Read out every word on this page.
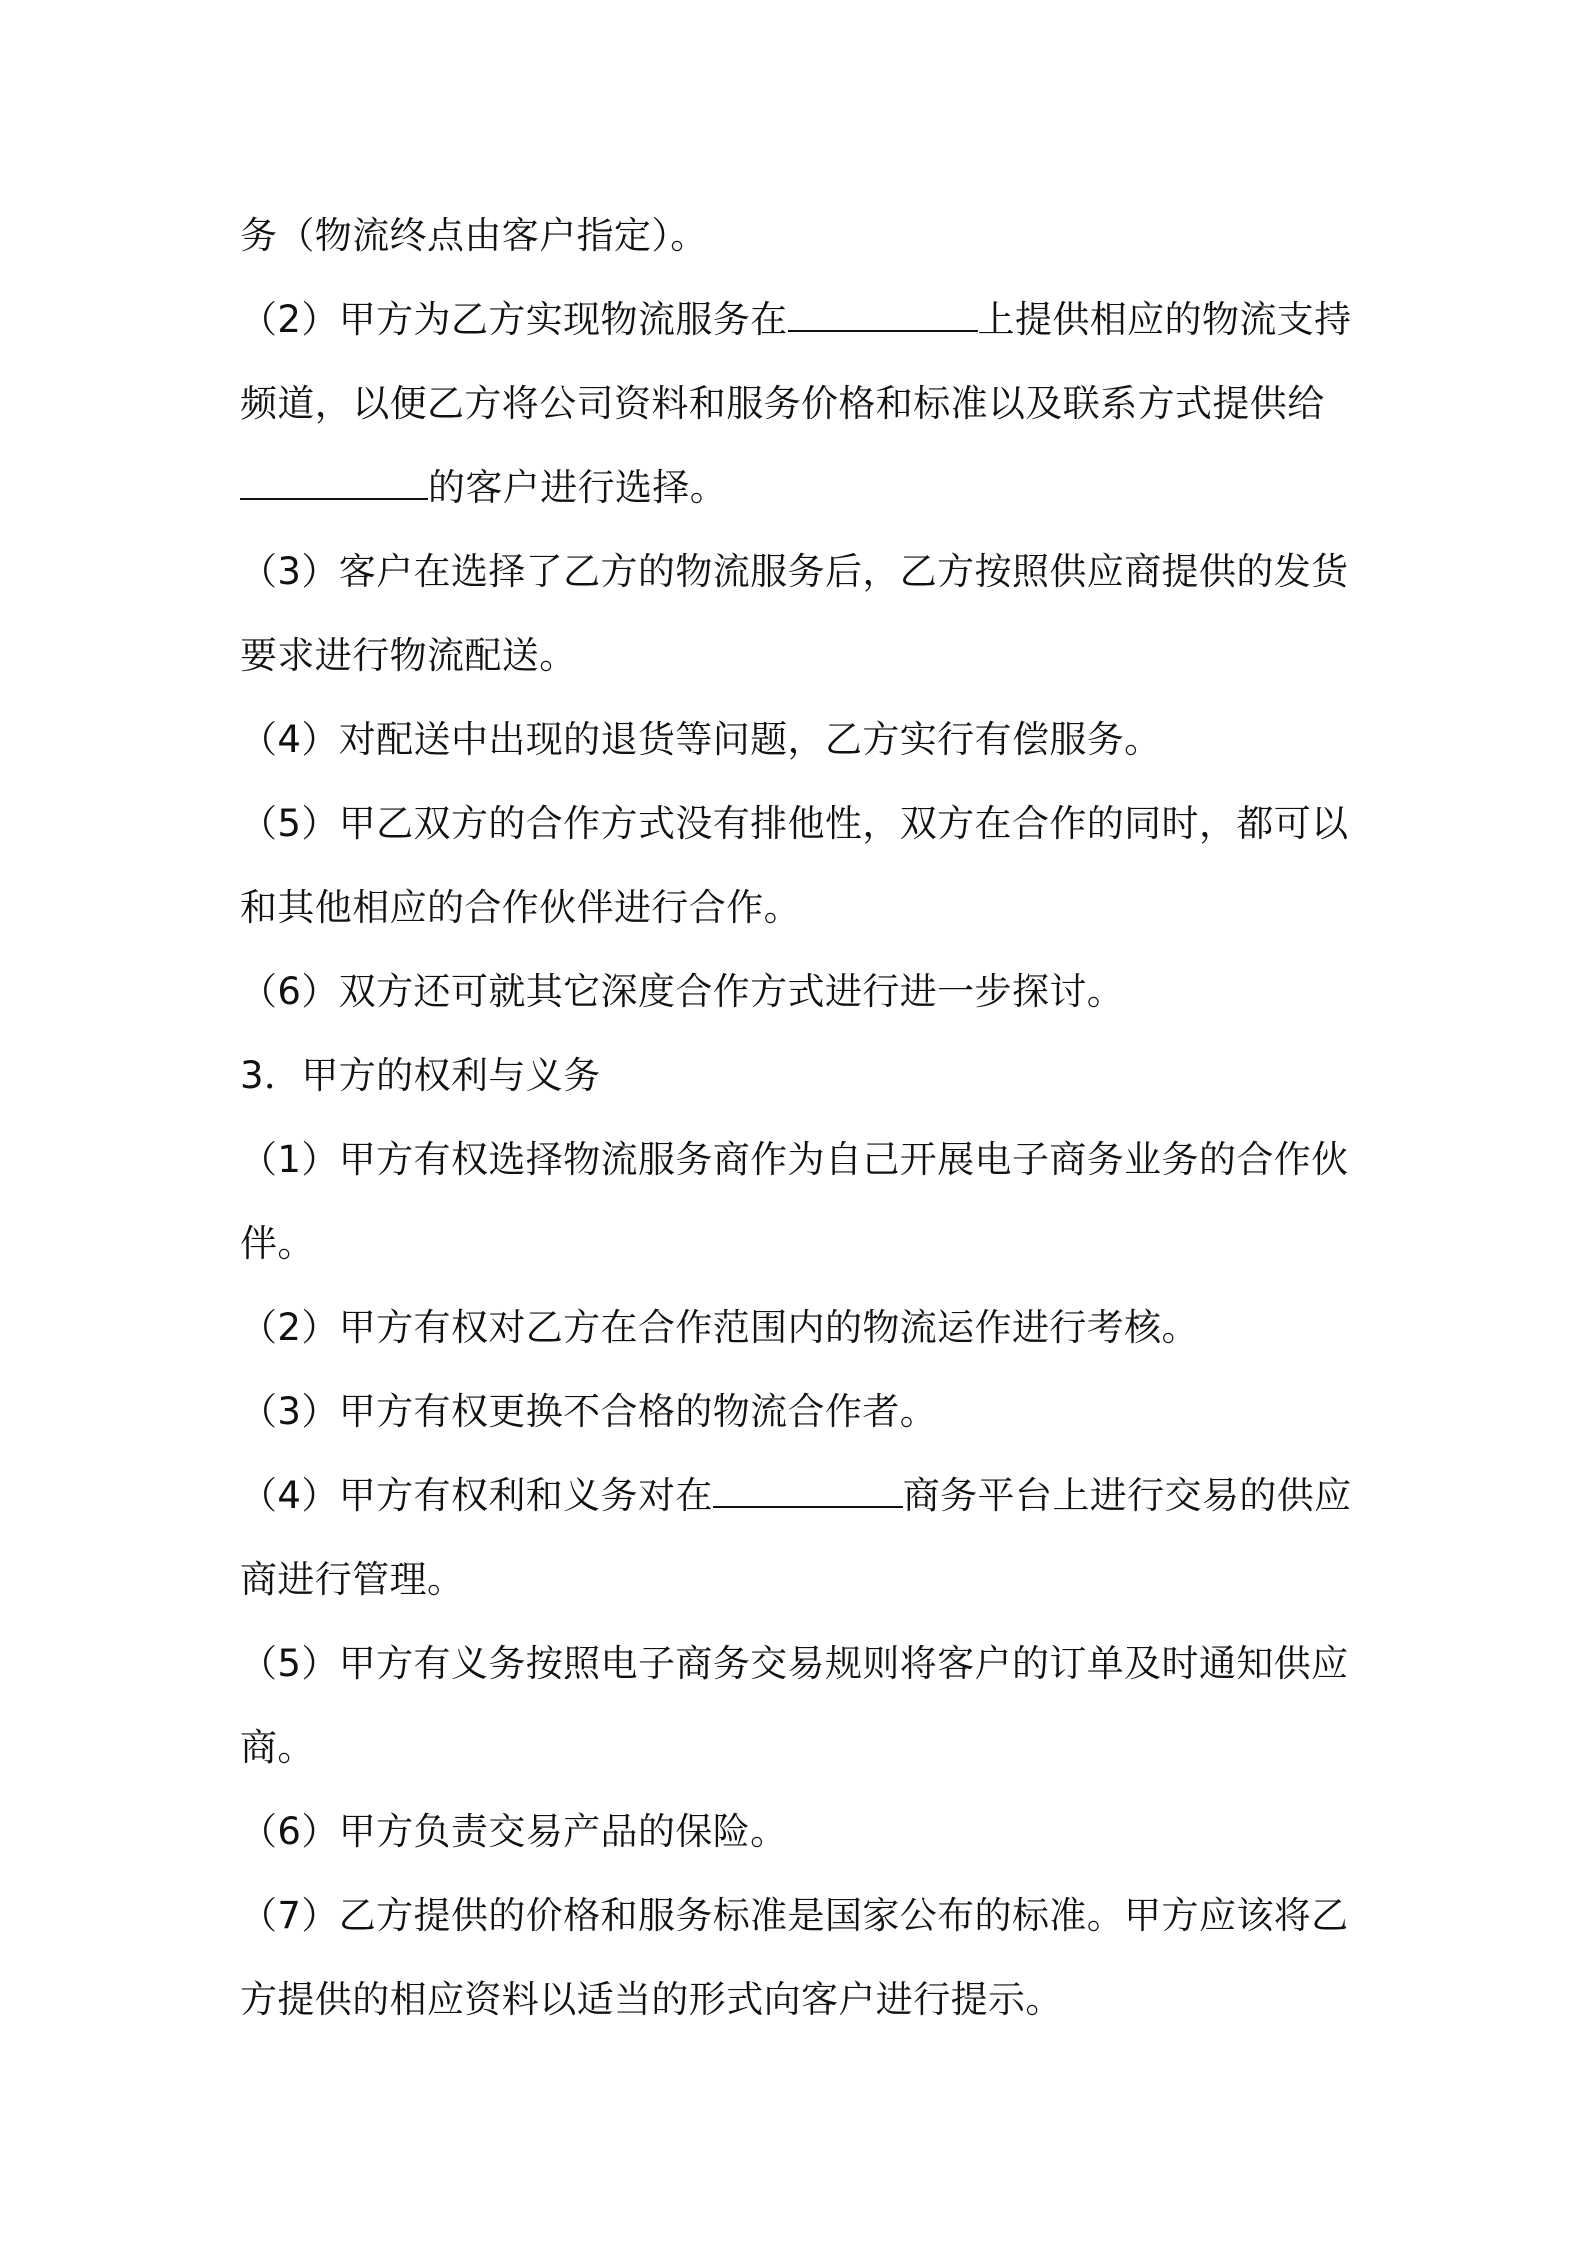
务（物流终点由客户指定）。
（2）甲方为乙方实现物流服务在	上提供相应的物流支持
频道，以便乙方将公司资料和服务价格和标准以及联系方式提供给
的客户进行选择。
（3）客户在选择了乙方的物流服务后，乙方按照供应商提供的发货
要求进行物流配送。
（4）对配送中出现的退货等问题，乙方实行有偿服务。
（5）甲乙双方的合作方式没有排他性，双方在合作的同时，都可以
和其他相应的合作伙伴进行合作。
（6）双方还可就其它深度合作方式进行进一步探讨。
3．甲方的权利与义务
（1）甲方有权选择物流服务商作为自己开展电子商务业务的合作伙
伴。
（2）甲方有权对乙方在合作范围内的物流运作进行考核。
（3）甲方有权更换不合格的物流合作者。
（4）甲方有权利和义务对在	商务平台上进行交易的供应
商进行管理。
（5）甲方有义务按照电子商务交易规则将客户的订单及时通知供应
商。
（6）甲方负责交易产品的保险。
（7）乙方提供的价格和服务标准是国家公布的标准。甲方应该将乙
方提供的相应资料以适当的形式向客户进行提示。
